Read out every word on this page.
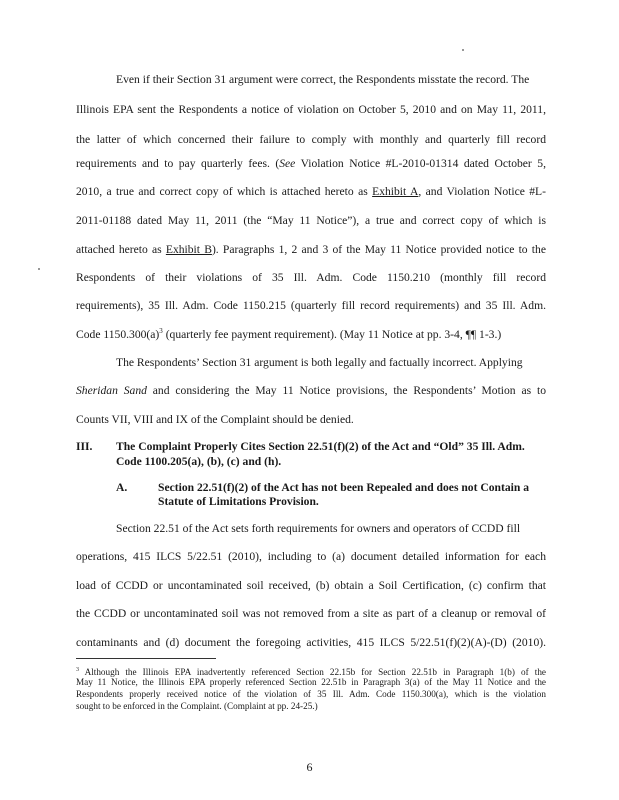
Even if their Section 31 argument were correct, the Respondents misstate the record. The
Illinois EPA sent the Respondents a notice of violation on October 5, 2010 and on May 11, 2011,
the latter of which concerned their failure to comply with monthly and quarterly fill record
requirements and to pay quarterly fees. (See Violation Notice #L-2010-01314 dated October 5,
2010, a true and correct copy of which is attached hereto as Exhibit A, and Violation Notice #L-
2011-01188 dated May 11, 2011 (the “May 11 Notice”), a true and correct copy of which is
attached hereto as Exhibit B). Paragraphs 1, 2 and 3 of the May 11 Notice provided notice to the
Respondents of their violations of 35 Ill. Adm. Code 1150.210 (monthly fill record
requirements), 35 Ill. Adm. Code 1150.215 (quarterly fill record requirements) and 35 Ill. Adm.
Code $1150.300(a)^3$ (quarterly fee payment requirement). (May 11 Notice at pp. 3-4, ¶¶ 1-3.)
The Respondents’ Section 31 argument is both legally and factually incorrect. Applying
Sheridan Sand and considering the May 11 Notice provisions, the Respondents’ Motion as to
Counts VII, VIII and IX of the Complaint should be denied.
III. The Complaint Properly Cites Section 22.51(f)(2) of the Act and “Old” 35 Ill. Adm.
Code 1100.205(a), (b), (c) and (h).
A.	Section 22.51(f)(2) of the Act has not been Repealed and does not Contain a
Statute of Limitations Provision.
Section 22.51 of the Act sets forth requirements for owners and operators of CCDD fill
operations, 415 ILCS 5/22.51 (2010), including to (a) document detailed information for each
load of CCDD or uncontaminated soil received, (b) obtain a Soil Certification, (c) confirm that
the CCDD or uncontaminated soil was not removed from a site as part of a cleanup or removal of
contaminants and (d) document the foregoing activities, 415 ILCS 5/22.51(f)(2)(A)-(D) (2010).
$^3$ Although the Illinois EPA inadvertently referenced Section 22.15b for Section 22.51b in Paragraph 1(b) of the
May 11 Notice, the Illinois EPA properly referenced Section 22.51b in Paragraph 3(a) of the May 11 Notice and the
Respondents properly received notice of the violation of 35 Ill. Adm. Code 1150.300(a), which is the violation
sought to be enforced in the Complaint. (Complaint at pp. 24-25.)
6
